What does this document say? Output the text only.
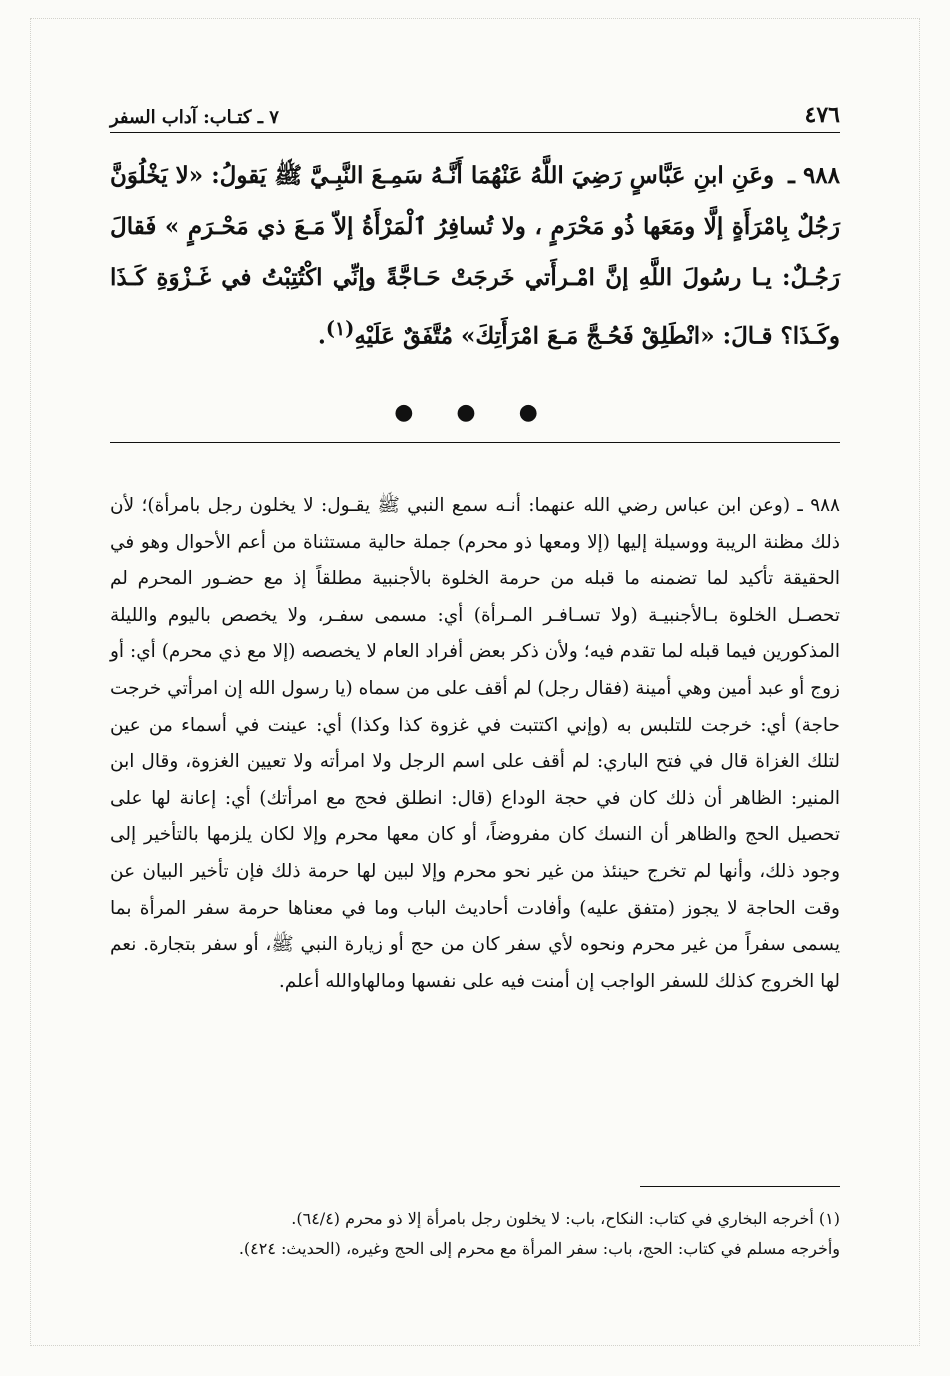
٤٧٦
٧ ـ كتـاب: آداب السفر
٩٨٨ ـ وعَنِ ابنِ عَبَّاسٍ رَضِيَ اللَّهُ عَنْهُمَا أَنَّـهُ سَمِـعَ النَّبِـيَّ ﷺ يَقولُ: «لا يَخْلُوَنَّ رَجُلٌ بِامْرَأَةٍ إلَّا ومَعَها ذُو مَحْرَمٍ ، ولا تُسافِرُ ٱلْمَرْأَةُ إلاّ مَـعَ ذي مَحْـرَمٍ » فَقالَ رَجُـلٌ: يـا رسُولَ اللَّهِ إنَّ امْـرأَتي خَرجَتْ حَـاجَّةً وإنِّي اكْتُتِبْتُ في غَـزْوَةِ كَـذَا وكَـذَا؟ قـالَ: «انْطَلِقْ فَحُـجَّ مَـعَ امْرَأَتِكَ» مُتَّفَقٌ عَلَيْهِ$^{(١)}$.
● ● ●

٩٨٨ ـ (وعن ابن عباس رضي الله عنهما: أنـه سمع النبي ﷺ يقـول: لا يخلون رجل بامرأة)؛ لأن ذلك مظنة الريبة ووسيلة إليها (إلا ومعها ذو محرم) جملة حالية مستثناة من أعم الأحوال وهو في الحقيقة تأكيد لما تضمنه ما قبله من حرمة الخلوة بالأجنبية مطلقاً إذ مع حضـور المحرم لم تحصـل الخلوة بـالأجنبيـة (ولا تسـافـر المـرأة) أي: مسمى سفـر، ولا يخصص باليوم والليلة المذكورين فيما قبله لما تقدم فيه؛ ولأن ذكر بعض أفراد العام لا يخصصه (إلا مع ذي محرم) أي: أو زوج أو عبد أمين وهي أمينة (فقال رجل) لم أقف على من سماه (يا رسول الله إن امرأتي خرجت حاجة) أي: خرجت للتلبس به (وإني اكتتبت في غزوة كذا وكذا) أي: عينت في أسماء من عين لتلك الغزاة قال في فتح الباري: لم أقف على اسم الرجل ولا امرأته ولا تعيين الغزوة، وقال ابن المنير: الظاهر أن ذلك كان في حجة الوداع (قال: انطلق فحج مع امرأتك) أي: إعانة لها على تحصيل الحج والظاهر أن النسك كان مفروضاً، أو كان معها محرم وإلا لكان يلزمها بالتأخير إلى وجود ذلك، وأنها لم تخرج حينئذ من غير نحو محرم وإلا لبين لها حرمة ذلك فإن تأخير البيان عن وقت الحاجة لا يجوز (متفق عليه) وأفادت أحاديث الباب وما في معناها حرمة سفر المرأة بما يسمى سفراً من غير محرم ونحوه لأي سفر كان من حج أو زيارة النبي ﷺ، أو سفر بتجارة. نعم لها الخروج كذلك للسفر الواجب إن أمنت فيه على نفسها ومالهاوالله أعلم.

(١) أخرجه البخاري في كتاب: النكاح، باب: لا يخلون رجل بامرأة إلا ذو محرم (٦٤/٤).

وأخرجه مسلم في كتاب: الحج، باب: سفر المرأة مع محرم إلى الحج وغيره، (الحديث: ٤٢٤).
